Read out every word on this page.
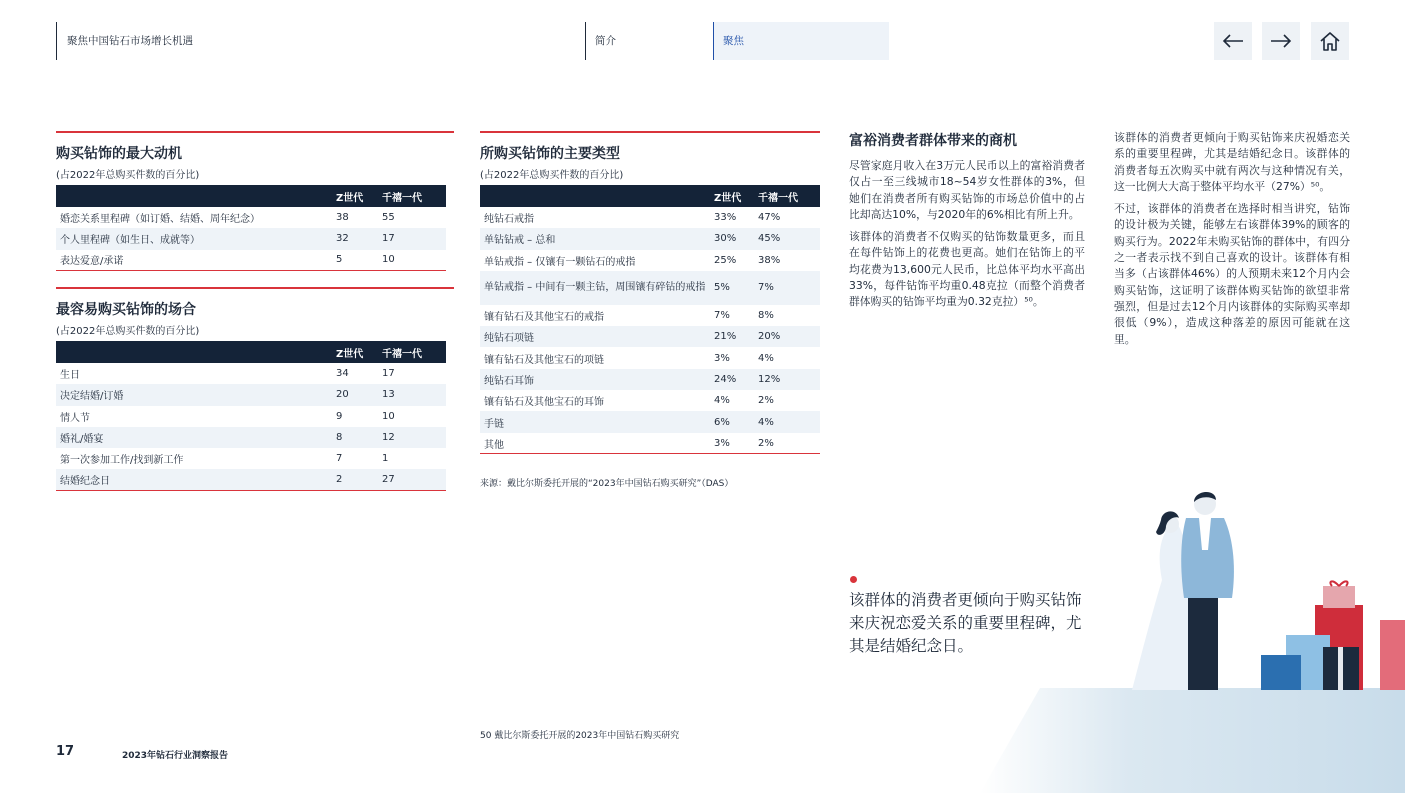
聚焦中国钻石市场增长机遇	简介	聚焦
购买钻饰的最大动机
(占2022年总购买件数的百分比)
	Z世代	千禧一代
婚恋关系里程碑（如订婚、结婚、周年纪念）	38	55
个人里程碑（如生日、成就等）	32	17
表达爱意/承诺	5	10
最容易购买钻饰的场合
(占2022年总购买件数的百分比)
	Z世代	千禧一代
生日	34	17
决定结婚/订婚	20	13
情人节	9	10
婚礼/婚宴	8	12
第一次参加工作/找到新工作	7	1
结婚纪念日	2	27
所购买钻饰的主要类型
(占2022年总购买件数的百分比)
	Z世代	千禧一代
纯钻石戒指	33%	47%
单钻钻戒 – 总和	30%	45%
单钻戒指 – 仅镶有一颗钻石的戒指	25%	38%
单钻戒指 – 中间有一颗主钻，周围镶有碎钻的戒指	5%	7%
镶有钻石及其他宝石的戒指	7%	8%
纯钻石项链	21%	20%
镶有钻石及其他宝石的项链	3%	4%
纯钻石耳饰	24%	12%
镶有钻石及其他宝石的耳饰	4%	2%
手链	6%	4%
其他	3%	2%
来源：戴比尔斯委托开展的“2023年中国钻石购买研究”（DAS）
富裕消费者群体带来的商机

尽管家庭月收入在3万元人民币以上的富裕消费者仅占一至三线城市18~54岁女性群体的3%，但她们在消费者所有购买钻饰的市场总价值中的占比却高达10%，与2020年的6%相比有所上升。

该群体的消费者不仅购买的钻饰数量更多，而且在每件钻饰上的花费也更高。她们在钻饰上的平均花费为13,600元人民币，比总体平均水平高出33%，每件钻饰平均重0.48克拉（而整个消费者群体购买的钻饰平均重为0.32克拉）⁵⁰。

该群体的消费者更倾向于购买钻饰来庆祝婚恋关系的重要里程碑，尤其是结婚纪念日。该群体的消费者每五次购买中就有两次与这种情况有关，这一比例大大高于整体平均水平（27%）⁵⁰。

不过，该群体的消费者在选择时相当讲究，钻饰的设计极为关键，能够左右该群体39%的顾客的购买行为。2022年未购买钻饰的群体中，有四分之一者表示找不到自己喜欢的设计。该群体有相当多（占该群体46%）的人预期未来12个月内会购买钻饰，这证明了该群体购买钻饰的欲望非常强烈，但是过去12个月内该群体的实际购买率却很低（9%），造成这种落差的原因可能就在这里。

该群体的消费者更倾向于购买钻饰来庆祝恋爱关系的重要里程碑，尤其是结婚纪念日。
50 戴比尔斯委托开展的2023年中国钻石购买研究
17	2023年钻石行业洞察报告
